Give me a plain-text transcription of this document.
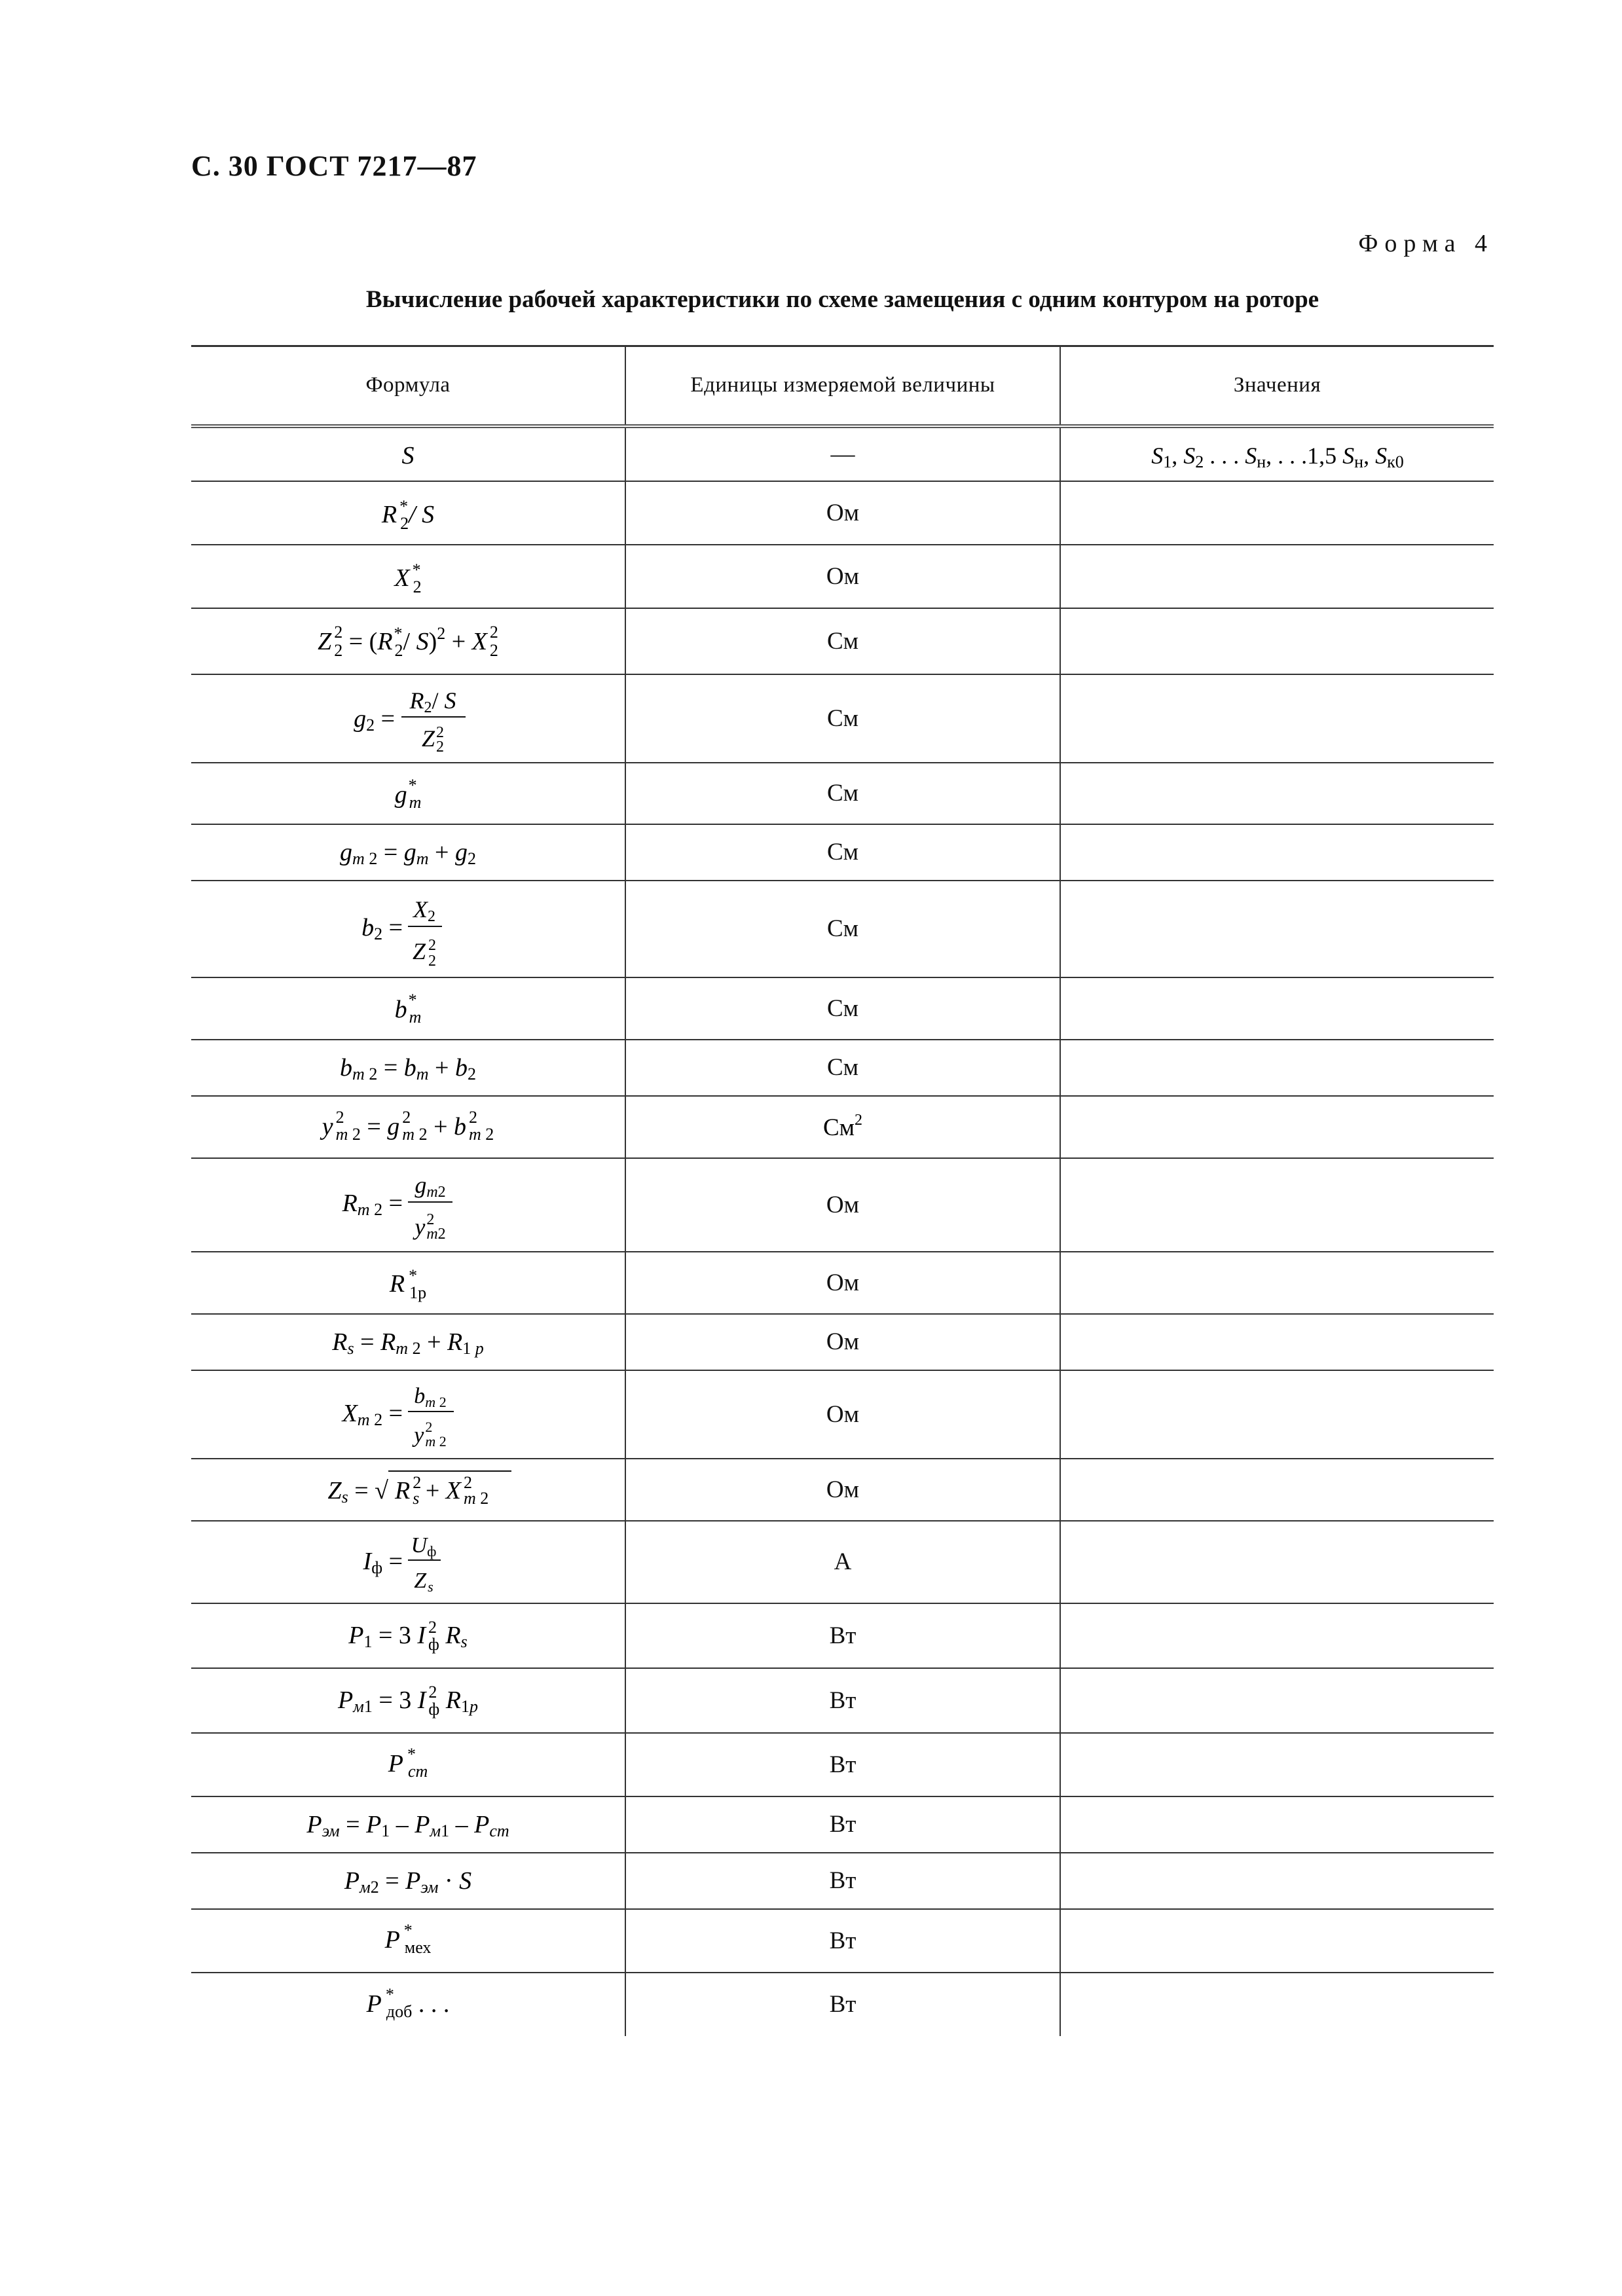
С. 30 ГОСТ 7217—87
Форма 4
Вычисление рабочей характеристики по схеме замещения с одним контуром на роторе
Формула	Единицы измеряемой величины	Значения

S	—	S1, S2 . . . Sн, . . .1,5 Sн, Sк0

R * 2/ S	Ом	

X * 2	Ом	

Z $^2$ 2 = (R* 2/ S)$^2$ + X $^2$ 2	См	

g2 =
R2/ S
$Z^2$ 2	См	

g* m	См	

gm 2 = gm + g2	См	

b2 =
X2
Z $^2$ 2	См	

b* m	См	

bm 2 = bm + b2	См	

y $^2$ m 2 = g $^2$ m 2 + b $^2$ m 2	$См^2$

Rm 2 =
gm2
$y^2$ m2	Ом	

R * 1р	Ом	

Rs = Rm 2 + R1 p	Ом	

Xm 2 =
bm 2
$y^2$ m 2	Ом	

Zs = √ R $^2$ s + X $^2$ m 2	Ом	

Iф =
Uф
Zs	A	

P1 = 3 I $^2$ ф Rs	Вт	

Pм1 = 3 I $^2$ ф R1p	Вт	

P * cт	Вт	

Pэм = P1 – Pм1 – Pcт	Вт	

Pм2 = Pэм · S	Вт	

P * мех	Вт	

P * доб . . .	Вт	
